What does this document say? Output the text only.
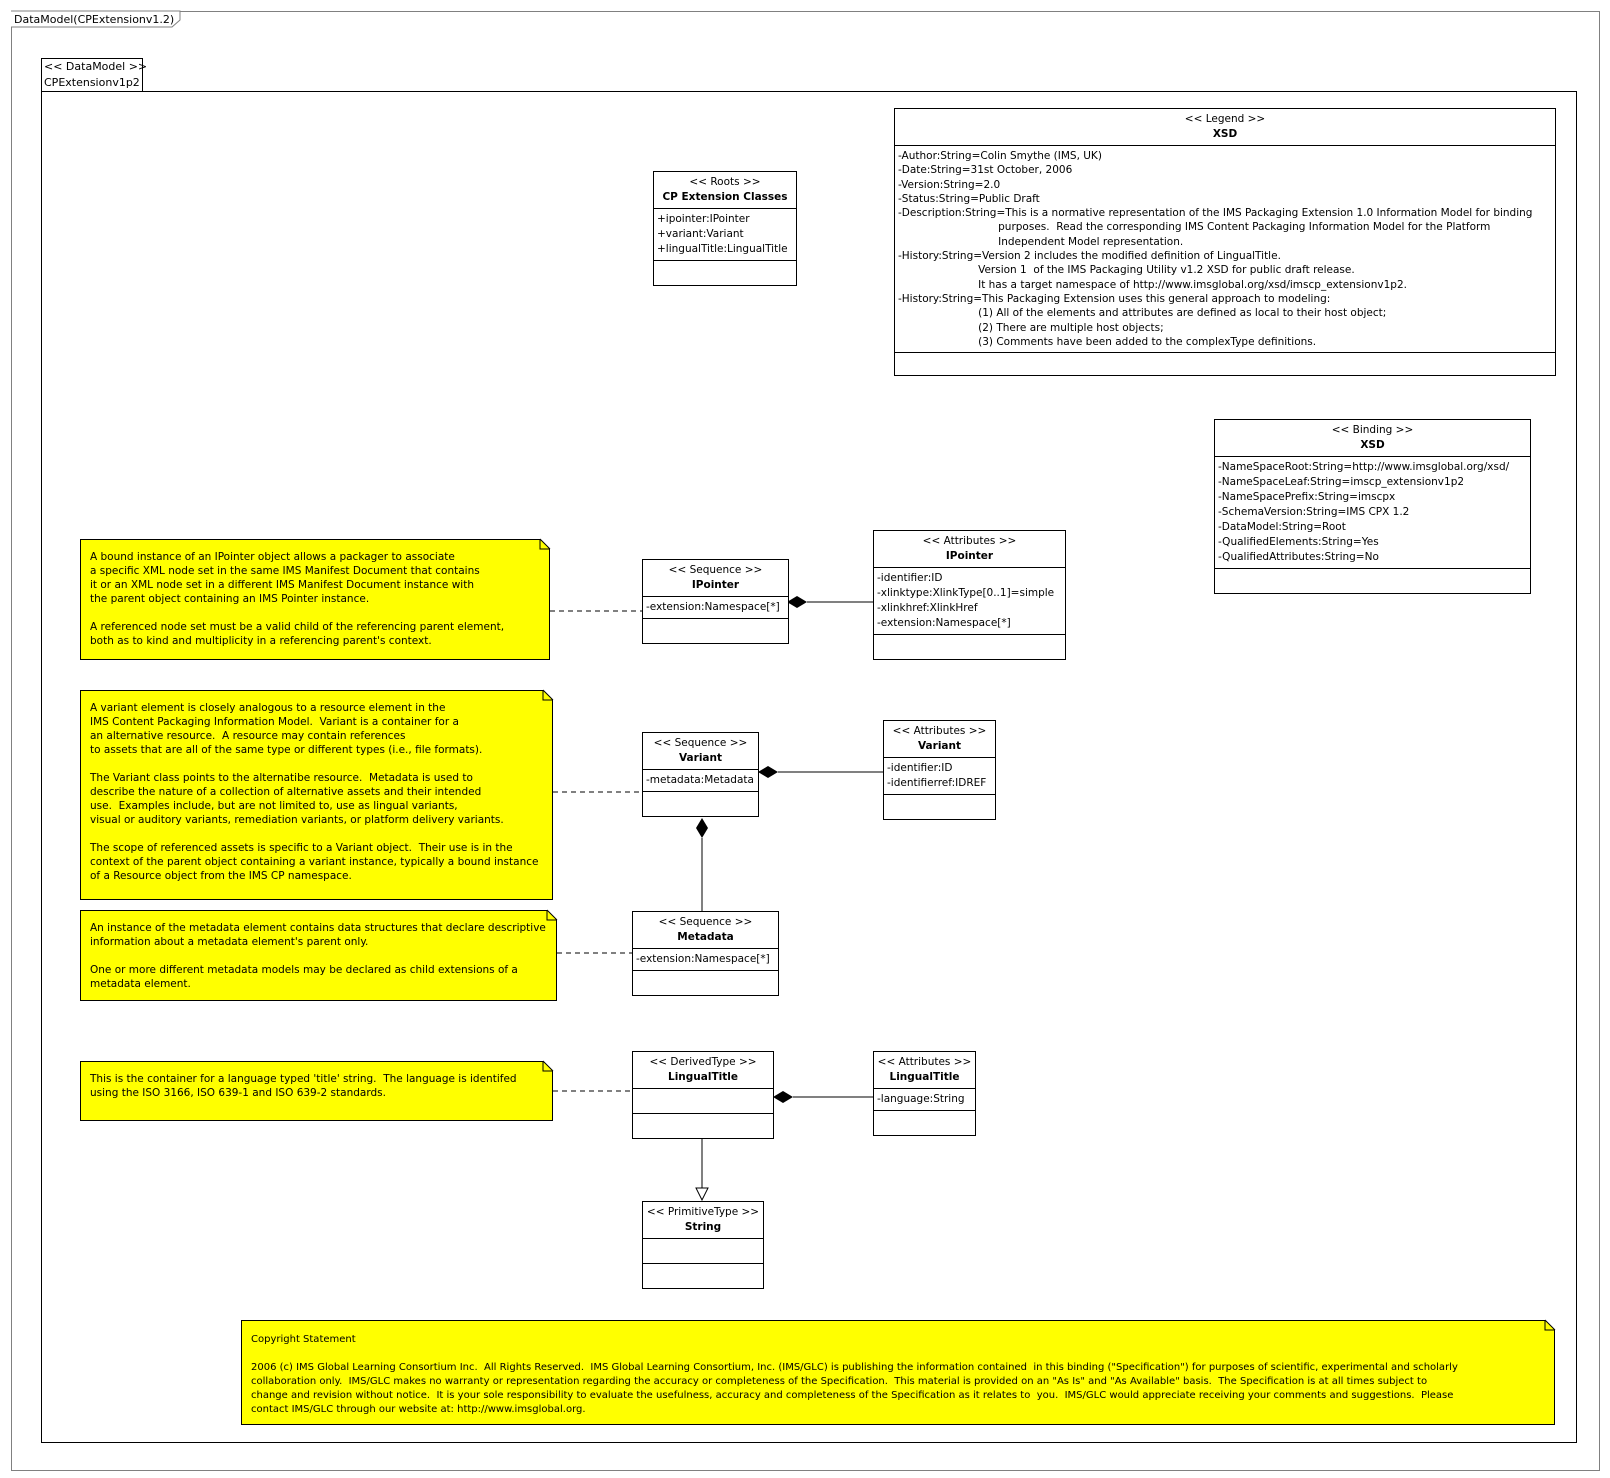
DataModel(CPExtensionv1.2)
<< DataModel >>
CPExtensionv1p2
<< Roots >>
CP Extension Classes
+ipointer:IPointer
+variant:Variant
+lingualTitle:LingualTitle
<< Legend >>
XSD
-Author:String=Colin Smythe (IMS, UK)
-Date:String=31st October, 2006
-Version:String=2.0
-Status:String=Public Draft
-Description:String=This is a normative representation of the IMS Packaging Extension 1.0 Information Model for binding
purposes.  Read the corresponding IMS Content Packaging Information Model for the Platform
Independent Model representation.
-History:String=Version 2 includes the modified definition of LingualTitle.
Version 1  of the IMS Packaging Utility v1.2 XSD for public draft release.
It has a target namespace of http://www.imsglobal.org/xsd/imscp_extensionv1p2.
-History:String=This Packaging Extension uses this general approach to modeling:
(1) All of the elements and attributes are defined as local to their host object;
(2) There are multiple host objects;
(3) Comments have been added to the complexType definitions.
<< Binding >>
XSD
-NameSpaceRoot:String=http://www.imsglobal.org/xsd/
-NameSpaceLeaf:String=imscp_extensionv1p2
-NameSpacePrefix:String=imscpx
-SchemaVersion:String=IMS CPX 1.2
-DataModel:String=Root
-QualifiedElements:String=Yes
-QualifiedAttributes:String=No
<< Sequence >>
IPointer
-extension:Namespace[*]
<< Attributes >>
IPointer
-identifier:ID
-xlinktype:XlinkType[0..1]=simple
-xlinkhref:XlinkHref
-extension:Namespace[*]
<< Sequence >>
Variant
-metadata:Metadata
<< Attributes >>
Variant
-identifier:ID
-identifierref:IDREF
<< Sequence >>
Metadata
-extension:Namespace[*]
<< DerivedType >>
LingualTitle
<< Attributes >>
LingualTitle
-language:String
<< PrimitiveType >>
String

A bound instance of an IPointer object allows a packager to associate
a specific XML node set in the same IMS Manifest Document that contains
it or an XML node set in a different IMS Manifest Document instance with
the parent object containing an IMS Pointer instance.

A referenced node set must be a valid child of the referencing parent element,
both as to kind and multiplicity in a referencing parent's context.

A variant element is closely analogous to a resource element in the
IMS Content Packaging Information Model.  Variant is a container for a
an alternative resource.  A resource may contain references
to assets that are all of the same type or different types (i.e., file formats).

The Variant class points to the alternatibe resource.  Metadata is used to
describe the nature of a collection of alternative assets and their intended
use.  Examples include, but are not limited to, use as lingual variants,
visual or auditory variants, remediation variants, or platform delivery variants.

The scope of referenced assets is specific to a Variant object.  Their use is in the
context of the parent object containing a variant instance, typically a bound instance
of a Resource object from the IMS CP namespace.

An instance of the metadata element contains data structures that declare descriptive
information about a metadata element's parent only.

One or more different metadata models may be declared as child extensions of a
metadata element.

This is the container for a language typed 'title' string.  The language is identifed
using the ISO 3166, ISO 639-1 and ISO 639-2 standards.

Copyright Statement

2006 (c) IMS Global Learning Consortium Inc.  All Rights Reserved.  IMS Global Learning Consortium, Inc. (IMS/GLC) is publishing the information contained  in this binding ("Specification") for purposes of scientific, experimental and scholarly
collaboration only.  IMS/GLC makes no warranty or representation regarding the accuracy or completeness of the Specification.  This material is provided on an "As Is" and "As Available" basis.  The Specification is at all times subject to
change and revision without notice.  It is your sole responsibility to evaluate the usefulness, accuracy and completeness of the Specification as it relates to  you.  IMS/GLC would appreciate receiving your comments and suggestions.  Please
contact IMS/GLC through our website at: http://www.imsglobal.org.
